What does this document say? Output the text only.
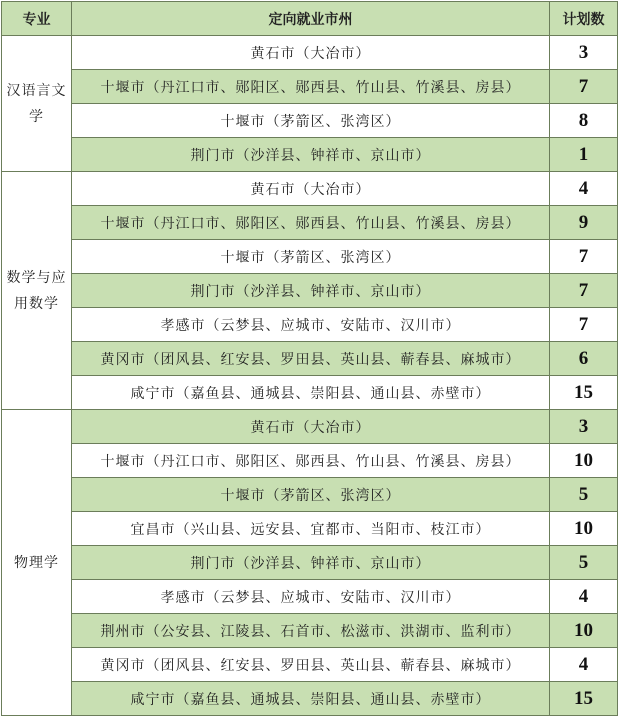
专业	定向就业市州	计划数
汉语言文学	黄石市（大冶市）	3
	十堰市（丹江口市、郧阳区、郧西县、竹山县、竹溪县、房县）	7
	十堰市（茅箭区、张湾区）	8
	荆门市（沙洋县、钟祥市、京山市）	1
数学与应用数学	黄石市（大冶市）	4
	十堰市（丹江口市、郧阳区、郧西县、竹山县、竹溪县、房县）	9
	十堰市（茅箭区、张湾区）	7
	荆门市（沙洋县、钟祥市、京山市）	7
	孝感市（云梦县、应城市、安陆市、汉川市）	7
	黄冈市（团风县、红安县、罗田县、英山县、蕲春县、麻城市）	6
	咸宁市（嘉鱼县、通城县、崇阳县、通山县、赤壁市）	15
物理学	黄石市（大冶市）	3
	十堰市（丹江口市、郧阳区、郧西县、竹山县、竹溪县、房县）	10
	十堰市（茅箭区、张湾区）	5
	宜昌市（兴山县、远安县、宜都市、当阳市、枝江市）	10
	荆门市（沙洋县、钟祥市、京山市）	5
	孝感市（云梦县、应城市、安陆市、汉川市）	4
	荆州市（公安县、江陵县、石首市、松滋市、洪湖市、监利市）	10
	黄冈市（团风县、红安县、罗田县、英山县、蕲春县、麻城市）	4
	咸宁市（嘉鱼县、通城县、崇阳县、通山县、赤壁市）	15
